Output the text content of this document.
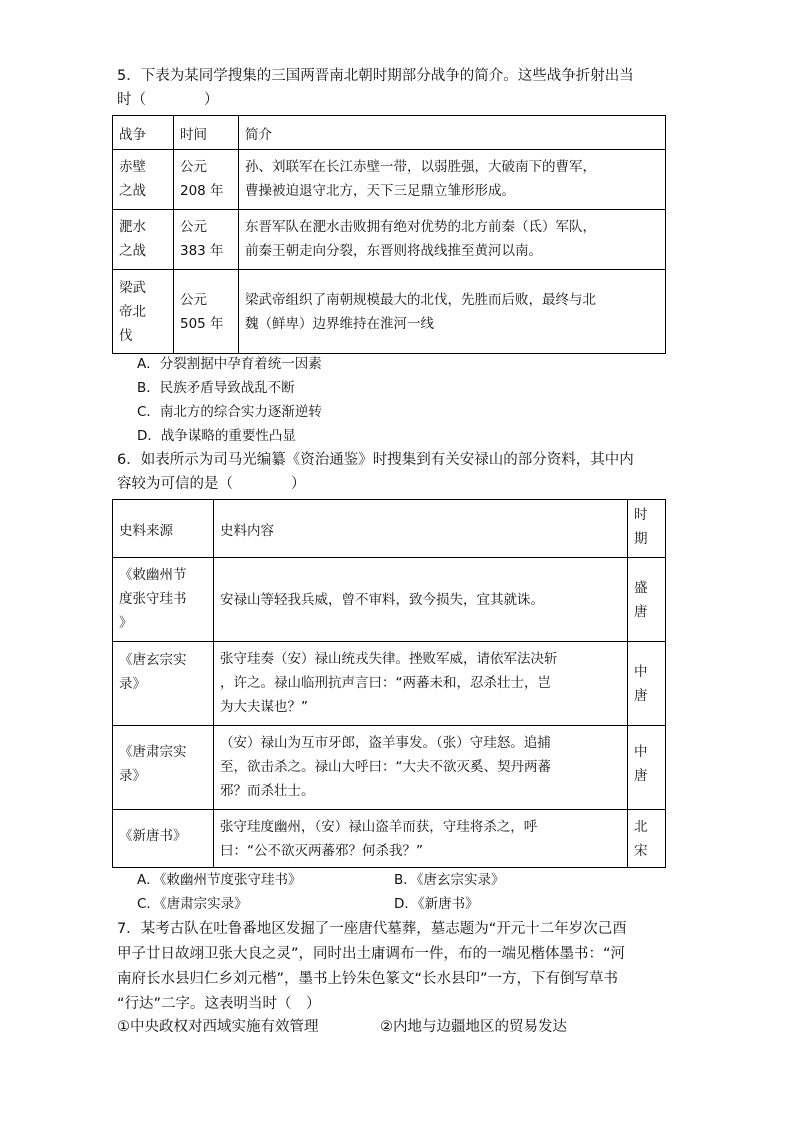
5．下表为某同学搜集的三国两晋南北朝时期部分战争的简介。这些战争折射出当
时（　　　　）
战争	时间	简介

赤壁
之战	公元
208 年	孙、刘联军在长江赤壁一带，以弱胜强，大破南下的曹军，
曹操被迫退守北方，天下三足鼎立雏形形成。

淝水
之战	公元
383 年	东晋军队在淝水击败拥有绝对优势的北方前秦（氐）军队，
前秦王朝走向分裂，东晋则将战线推至黄河以南。

梁武
帝北
伐	公元
505 年	梁武帝组织了南朝规模最大的北伐，先胜而后败，最终与北
魏（鲜卑）边界维持在淮河一线
A．分裂割据中孕育着统一因素
B．民族矛盾导致战乱不断
C．南北方的综合实力逐渐逆转
D．战争谋略的重要性凸显
6．如表所示为司马光编纂《资治通鉴》时搜集到有关安禄山的部分资料，其中内
容较为可信的是（　　　　）
史料来源	史料内容	时
期

《敕幽州节
度张守珪书
》	安禄山等轻我兵威，曾不审料，致今损失，宜其就诛。	盛
唐

《唐玄宗实
录》	张守珪奏（安）禄山统戎失律。挫败军威，请依军法决斩
，许之。禄山临刑抗声言曰：“两蕃未和，忍杀壮士，岂
为大夫谋也？”	中
唐

《唐肃宗实
录》	（安）禄山为互市牙郎，盗羊事发。（张）守珪怒。追捕
至，欲击杀之。禄山大呼曰：“大夫不欲灭奚、契丹两蕃
邪？而杀壮士。	中
唐

《新唐书》	张守珪度幽州，（安）禄山盗羊而获，守珪将杀之，呼
曰：“公不欲灭两蕃邪？何杀我？”	北
宋
A．《敕幽州节度张守珪书》	B．《唐玄宗实录》
C．《唐肃宗实录》	D．《新唐书》
7．某考古队在吐鲁番地区发掘了一座唐代墓葬，墓志题为“开元十二年岁次己酉
甲子廿日故翊卫张大良之灵”，同时出土庸调布一件，布的一端见楷体墨书：“河
南府长水县归仁乡刘元楷”，墨书上钤朱色篆文“长水县印”一方，下有倒写草书
“行达”二字。这表明当时（　）
①中央政权对西域实施有效管理	②内地与边疆地区的贸易发达
